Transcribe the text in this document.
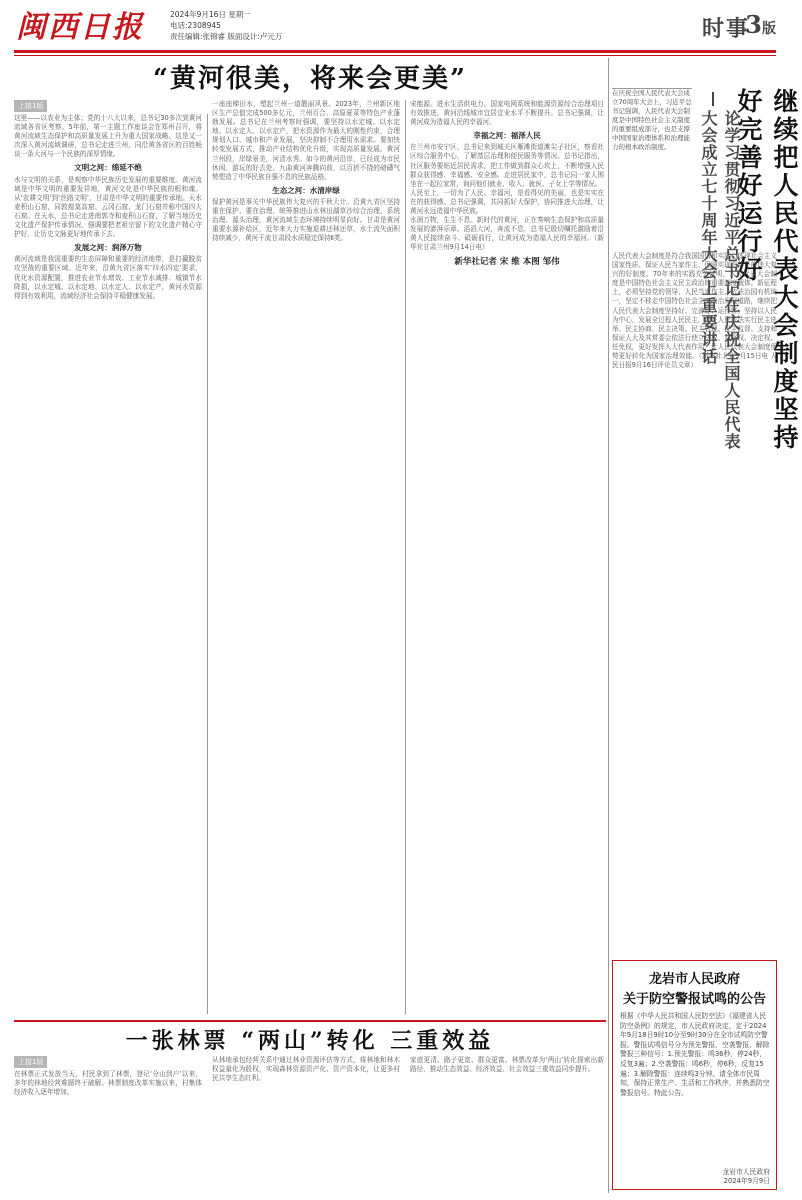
闽西日报	2024年9月16日 星期一
电话:2308945
责任编辑:张锦睿 版面设计:卢元万	时事
3版
“黄河很美，将来会更美”
上接1版

这里——以农业为主体；党的十八大以来，总书记30多次到黄河流域各省区考察。5年前，第一主题工作座谈会在郑州召开，将黄河流域生态保护和高质量发展上升为重大国家战略。这是又一次深入黄河流域调研，总书记走进兰州，同沿黄各省区的百姓畅谈一条大河与一个民族的深厚情缘。

文明之河：绵延不绝

水与文明的关系，是观察中华民族历史发展的重要维度。黄河流域是中华文明的重要发祥地，黄河文化是中华民族的根和魂。从‘农耕文明’到‘丝路文明’，甘肃是中华文明的重要传承地。天水麦积山石窟，同敦煌莫高窟、云冈石窟、龙门石窟并称中国四大石窟。在天水，总书记走进南郭寺和麦积山石窟，了解当地历史文化遗产保护传承情况，强调要把老祖宗留下的文化遗产精心守护好，让历史文脉更好地传承下去。

发展之河：润泽万物

黄河流域是我国重要的生态屏障和重要的经济地带，是打赢脱贫攻坚战的重要区域。近年来，沿黄九省区落实‘四水四定’要求，优化水资源配置，推进农业节水增效、工业节水减排、城镇节水降损，以水定城、以水定地、以水定人、以水定产，黄河水资源得到有效利用，流域经济社会保持平稳健康发展。

一座座梯田水，塑起兰州一道靓丽风景。2023年，兰州新区地区生产总值完成500多亿元，兰州百合、高原夏菜等特色产业蓬勃发展。总书记在兰州考察时强调，要坚持以水定城、以水定地、以水定人、以水定产，把水资源作为最大的刚性约束，合理规划人口、城市和产业发展，坚决抑制不合理用水需求。要加快转变发展方式，推动产业结构优化升级，实现高质量发展。黄河兰州段，岸绿景美，河清水秀。如今的黄河沿岸，已经成为市民休闲、游玩的好去处。九曲黄河奔腾向前，以百折不挠的磅礴气势塑造了中华民族自强不息的民族品格。

生态之河：水清岸绿

保护黄河是事关中华民族伟大复兴的千秋大计。沿黄九省区坚持重在保护、要在治理，统筹推进山水林田湖草沙综合治理、系统治理、源头治理，黄河流域生态环境持续明显向好。甘肃是黄河重要水源补给区，近年来大力实施退耕还林还草，水土流失面积持续减少，黄河干流甘肃段水质稳定保持Ⅱ类。

宋能源。进水生活供电力、国家电网系统和能源资源综合治理项目有效推进，黄河沿线城市宜居宜业水平不断提升。总书记强调，让黄河成为造福人民的幸福河。

幸福之河：福泽人民

在兰州市安宁区，总书记来到城关区雁滩街道滩尖子社区，察看社区综合服务中心，了解基层治理和便民服务等情况。总书记指出，社区服务要贴近居民需求，把工作做到群众心坎上，不断增强人民群众获得感、幸福感、安全感。走进居民家中，总书记同一家人围坐在一起拉家常，询问他们就业、收入、就医、子女上学等情况。

人民至上，一切为了人民。幸福河，是看得见的美丽，也是实实在在的获得感。总书记强调，共同抓好大保护，协同推进大治理，让黄河永远造福中华民族。

水润万物，生生不息。新时代的黄河，正在奏响生态保护和高质量发展的澎湃乐章。滔滔大河，奔流不息，总书记殷切嘱托激励着沿黄人民接续奋斗、砥砺前行，让黄河成为造福人民的幸福河。（新华社甘肃兰州9月14日电）

新华社记者 宋 维 本图 邹伟
一张林票 “两山”转化 三重效益
上接1版

在林票正式发放当天，村民拿到了林票，登记‘分山到户’以来，多年的林地经营难题终于破解。林票制度改革实施以来，村集体经济收入逐年增加。

从林地承包经营关系中通过林业资源评估等方式，将林地和林木权益量化为股权，实现森林资源资产化、资产资本化，让更多村民共享生态红利。

家底更清、路子更宽、群众更富。林票改革为‘两山’转化探索出新路径，推动生态效益、经济效益、社会效益三重效益同步提升。

继续把人民代表大会制度坚持好完善好运行好
论学习贯彻习近平总书记在庆祝全国人民代表大会成立七十周年大会上重要讲话
在庆祝全国人民代表大会成立70周年大会上，习近平总书记强调，人民代表大会制度是中国特色社会主义制度的重要组成部分，也是支撑中国国家治理体系和治理能力的根本政治制度。
人民代表大会制度是符合我国国情和实际、体现社会主义国家性质、保证人民当家作主、保障实现中华民族伟大复兴的好制度。70年来的实践充分证明，人民代表大会制度是中国特色社会主义民主政治的重要制度载体。新征程上，必须坚持党的领导、人民当家作主、依法治国有机统一，坚定不移走中国特色社会主义政治发展道路，继续把人民代表大会制度坚持好、完善好、运行好。坚持以人民为中心，发展全过程人民民主，保证人民依法实行民主选举、民主协商、民主决策、民主管理、民主监督。支持和保证人大及其常委会依法行使立法权、监督权、决定权、任免权，更好发挥人大代表作用，让人民代表大会制度优势更好转化为国家治理效能。（新华社北京9月15日电 人民日报9月16日评论员文章）
龙岩市人民政府
关于防空警报试鸣的公告
根据《中华人民共和国人民防空法》《福建省人民防空条例》的规定，市人民政府决定，定于2024年9月18日9时10分至9时30分在全市试鸣防空警报。警报试鸣信号分为预先警报、空袭警报、解除警报三种信号：1.预先警报：鸣36秒，停24秒，反复3遍；2.空袭警报：鸣6秒，停6秒，反复15遍；3.解除警报：连续鸣3分钟。请全体市民周知，保持正常生产、生活和工作秩序，并熟悉防空警报信号。特此公告。
龙岩市人民政府
2024年9月9日
